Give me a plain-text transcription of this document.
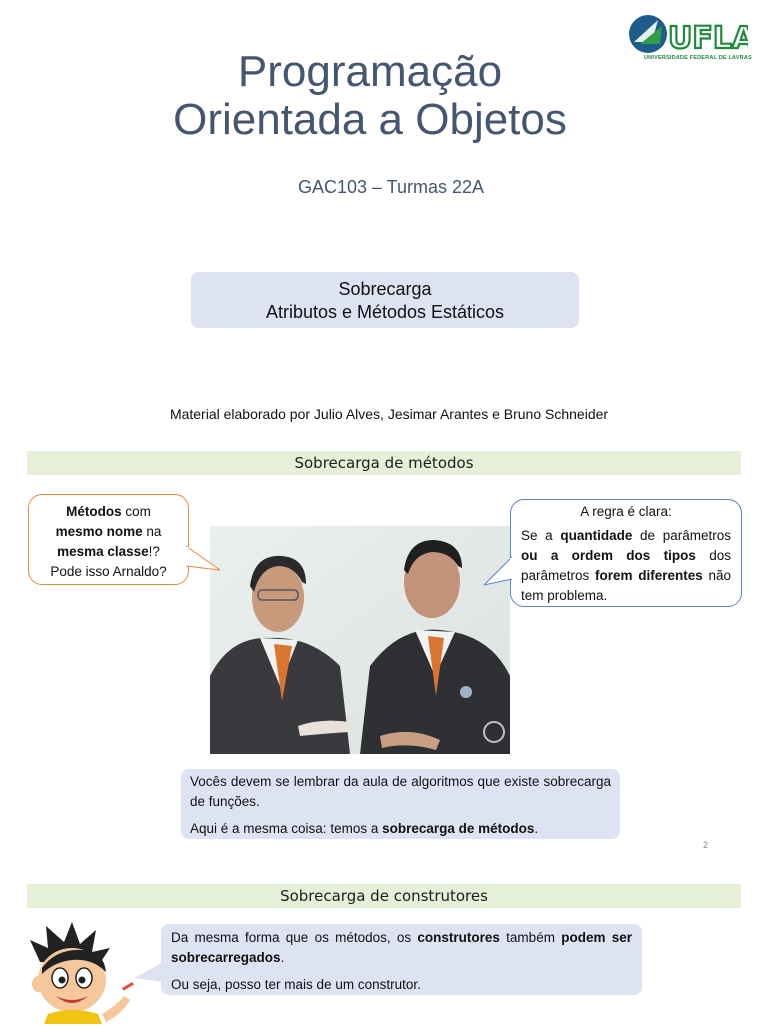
Programação
Orientada a Objetos
GAC103 – Turmas 22A
UFLA
UNIVERSIDADE FEDERAL DE LAVRAS
Sobrecarga
Atributos e Métodos Estáticos
Material elaborado por Julio Alves, Jesimar Arantes e Bruno Schneider
Sobrecarga de métodos
Métodos com
mesmo nome na
mesma classe!?
Pode isso Arnaldo?
A regra é clara:
Se a quantidade de parâmetros ou a ordem dos tipos dos parâmetros forem diferentes não tem problema.

Vocês devem se lembrar da aula de algoritmos que existe sobrecarga de funções.

Aqui é a mesma coisa: temos a sobrecarga de métodos.

2
Sobrecarga de construtores

Da mesma forma que os métodos, os construtores também podem ser sobrecarregados.

Ou seja, posso ter mais de um construtor.
